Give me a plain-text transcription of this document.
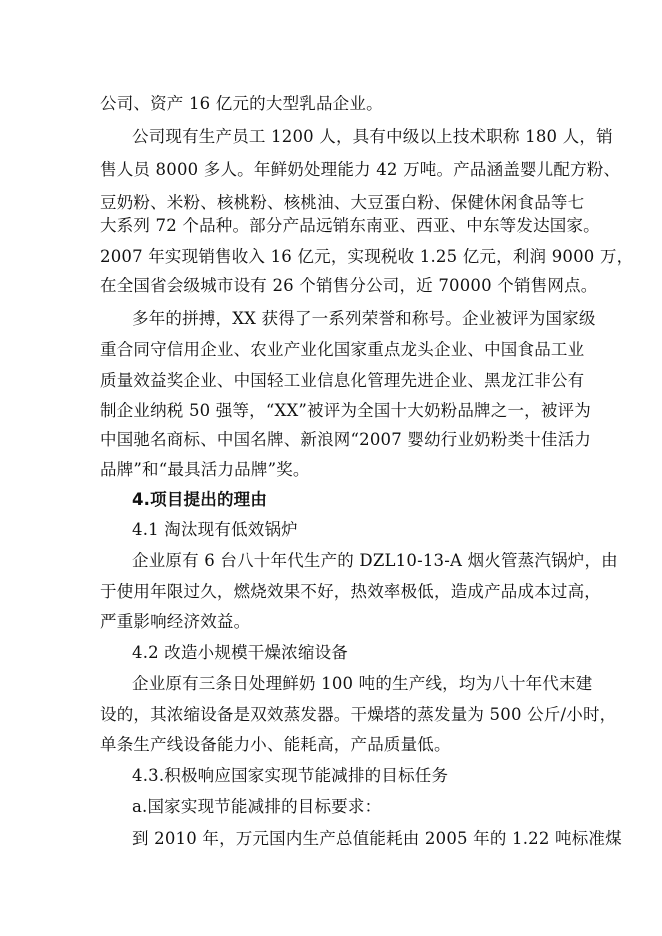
公司、资产 16 亿元的大型乳品企业。
公司现有生产员工 1200 人，具有中级以上技术职称 180 人，销
售人员 8000 多人。年鲜奶处理能力 42 万吨。产品涵盖婴儿配方粉、
豆奶粉、米粉、核桃粉、核桃油、大豆蛋白粉、保健休闲食品等七
大系列 72 个品种。部分产品远销东南亚、西亚、中东等发达国家。
2007 年实现销售收入 16 亿元，实现税收 1.25 亿元，利润 9000 万，
在全国省会级城市设有 26 个销售分公司，近 70000 个销售网点。
多年的拼搏，XX 获得了一系列荣誉和称号。企业被评为国家级
重合同守信用企业、农业产业化国家重点龙头企业、中国食品工业
质量效益奖企业、中国轻工业信息化管理先进企业、黑龙江非公有
制企业纳税 50 强等，“XX”被评为全国十大奶粉品牌之一，被评为
中国驰名商标、中国名牌、新浪网“2007 婴幼行业奶粉类十佳活力
品牌”和“最具活力品牌”奖。
4.项目提出的理由
4.1 淘汰现有低效锅炉
企业原有 6 台八十年代生产的 DZL10-13-A 烟火管蒸汽锅炉，由
于使用年限过久，燃烧效果不好，热效率极低，造成产品成本过高，
严重影响经济效益。
4.2 改造小规模干燥浓缩设备
企业原有三条日处理鲜奶 100 吨的生产线，均为八十年代末建
设的，其浓缩设备是双效蒸发器。干燥塔的蒸发量为 500 公斤/小时，
单条生产线设备能力小、能耗高，产品质量低。
4.3.积极响应国家实现节能减排的目标任务
a.国家实现节能减排的目标要求：
到 2010 年，万元国内生产总值能耗由 2005 年的 1.22 吨标准煤
